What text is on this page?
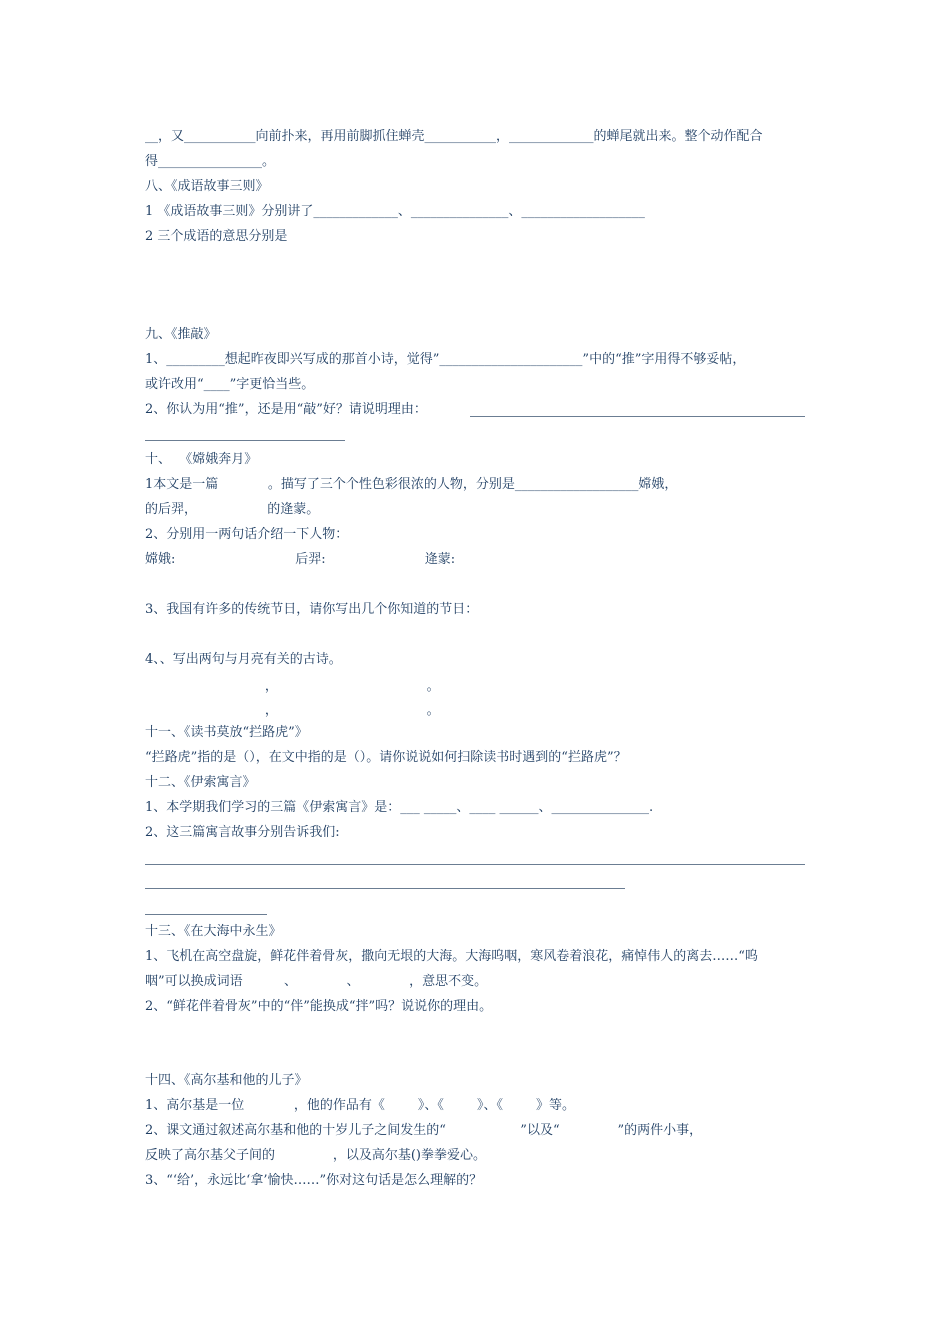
__，又___________向前扑来，再用前脚抓住蝉壳___________，_____________的蝉尾就出来。整个动作配合
得________________。
八、《成语故事三则》
1 《成语故事三则》分别讲了_____________、_______________、___________________
2 三个成语的意思分别是
九、《推敲》
1、_________想起昨夜即兴写成的那首小诗，觉得”______________________”中的“推”字用得不够妥帖，
或许改用“____”字更恰当些。
2、你认为用“推”，还是用“敲”好？请说明理由：
十、  《嫦娥奔月》
1本文是一篇            。描写了三个个性色彩很浓的人物，分别是___________________嫦娥，
的后羿，                 的逄蒙。
2、分别用一两句话介绍一下人物：
嫦娥:                             后羿:                        逄蒙:
3、我国有许多的传统节日，请你写出几个你知道的节日：
4、、写出两句与月亮有关的古诗。
，                                    。
，                                    。
十一、《读书莫放“拦路虎”》
“拦路虎”指的是（），在文中指的是（）。请你说说如何扫除读书时遇到的“拦路虎”？
十二、《伊索寓言》
1、本学期我们学习的三篇《伊索寓言》是：___ _____、____ ______、_______________.
2、这三篇寓言故事分别告诉我们:
十三、《在大海中永生》
1、飞机在高空盘旋，鲜花伴着骨灰，撒向无垠的大海。大海呜咽，寒风卷着浪花，痛悼伟人的离去……“呜
咽”可以换成词语          、            、            ，意思不变。
2、“鲜花伴着骨灰”中的“伴”能换成“拌”吗？说说你的理由。
十四、《高尔基和他的儿子》
1、高尔基是一位            ，他的作品有《        》、《        》、《        》等。
2、课文通过叙述高尔基和他的十岁儿子之间发生的“                  ”以及“              ”的两件小事，
反映了高尔基父子间的              ，以及高尔基()拳拳爱心。
3、“‘给’，永远比‘拿’愉快……”你对这句话是怎么理解的？
